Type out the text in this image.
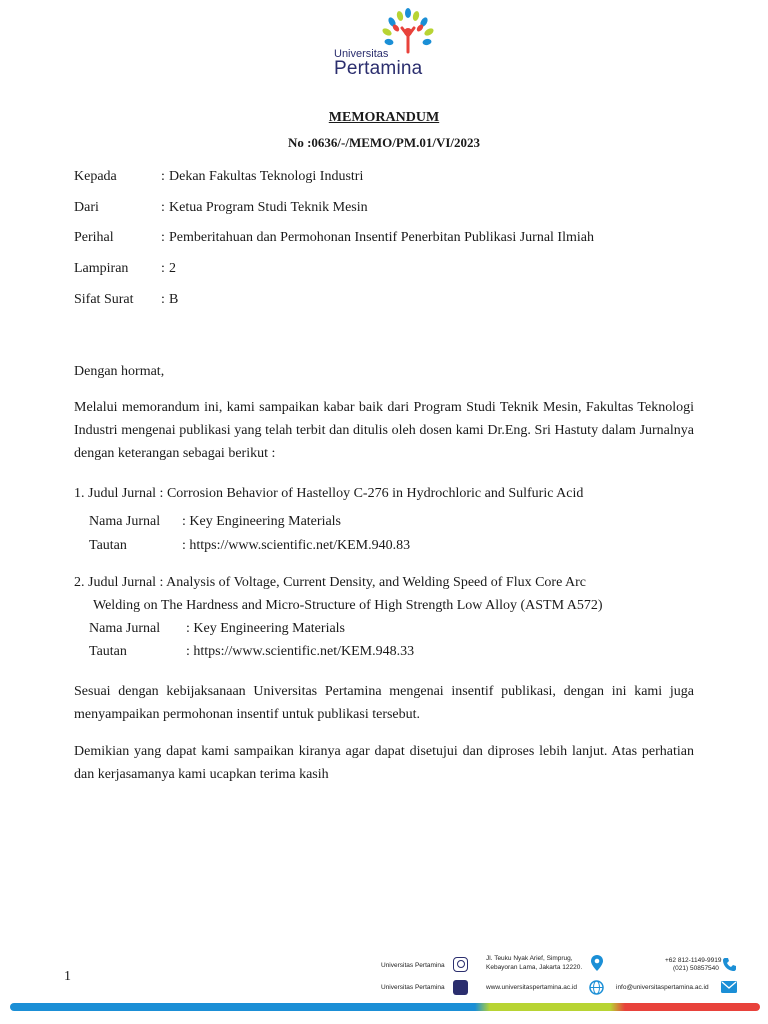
Universitas
Pertamina
MEMORANDUM
No :0636/-/MEMO/PM.01/VI/2023
Kepada	: Dekan Fakultas Teknologi Industri
Dari	: Ketua Program Studi Teknik Mesin
Perihal	: Pemberitahuan dan Permohonan Insentif Penerbitan Publikasi Jurnal Ilmiah
Lampiran : 2
Sifat Surat : B
Dengan hormat,
Melalui memorandum ini, kami sampaikan kabar baik dari Program Studi Teknik Mesin, Fakultas Teknologi Industri mengenai publikasi yang telah terbit dan ditulis oleh dosen kami Dr.Eng. Sri Hastuty dalam Jurnalnya dengan keterangan sebagai berikut :
1. Judul Jurnal : Corrosion Behavior of Hastelloy C-276 in Hydrochloric and Sulfuric Acid
Nama Jurnal : Key Engineering Materials
Tautan	: https://www.scientific.net/KEM.940.83
2. Judul Jurnal : Analysis of Voltage, Current Density, and Welding Speed of Flux Core Arc
Welding on The Hardness and Micro-Structure of High Strength Low Alloy (ASTM A572)
Nama Jurnal : Key Engineering Materials
Tautan	: https://www.scientific.net/KEM.948.33
Sesuai dengan kebijaksanaan Universitas Pertamina mengenai insentif publikasi, dengan ini kami juga menyampaikan permohonan insentif untuk publikasi tersebut.
Demikian yang dapat kami sampaikan kiranya agar dapat disetujui dan diproses lebih lanjut. Atas perhatian dan kerjasamanya kami ucapkan terima kasih
1
Universitas Pertamina
Universitas Pertamina
Jl. Teuku Nyak Arief, Simprug,
Kebayoran Lama, Jakarta 12220.
www.universitaspertamina.ac.id
+62 812-1149-9919
(021) 50857540
info@universitaspertamina.ac.id
